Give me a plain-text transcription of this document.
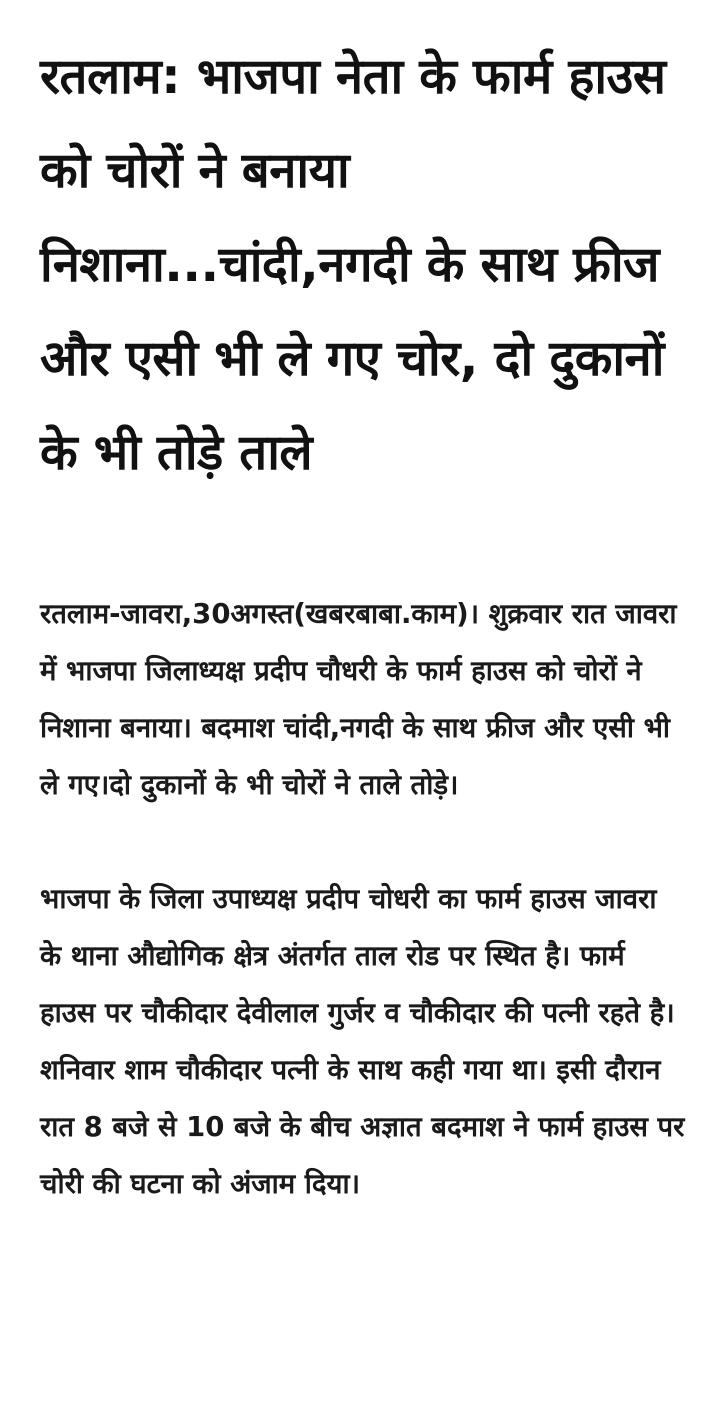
रतलाम: भाजपा नेता के फार्म हाउस को चोरों ने बनाया निशाना...चांदी,नगदी के साथ फ्रीज और एसी भी ले गए चोर, दो दुकानों के भी तोड़े ताले

रतलाम-जावरा,30अगस्त(खबरबाबा.काम)। शुक्रवार रात जावरा में भाजपा जिलाध्यक्ष प्रदीप चौधरी के फार्म हाउस को चोरों ने निशाना बनाया। बदमाश चांदी,नगदी के साथ फ्रीज और एसी भी ले गए।दो दुकानों के भी चोरों ने ताले तोड़े।

भाजपा के जिला उपाध्यक्ष प्रदीप चोधरी का फार्म हाउस जावरा के थाना औद्योगिक क्षेत्र अंतर्गत ताल रोड पर स्थित है। फार्म हाउस पर चौकीदार देवीलाल गुर्जर व चौकीदार की पत्नी रहते है। शनिवार शाम चौकीदार पत्नी के साथ कही गया था। इसी दौरान रात 8 बजे से 10 बजे के बीच अज्ञात बदमाश ने फार्म हाउस पर चोरी की घटना को अंजाम दिया।
